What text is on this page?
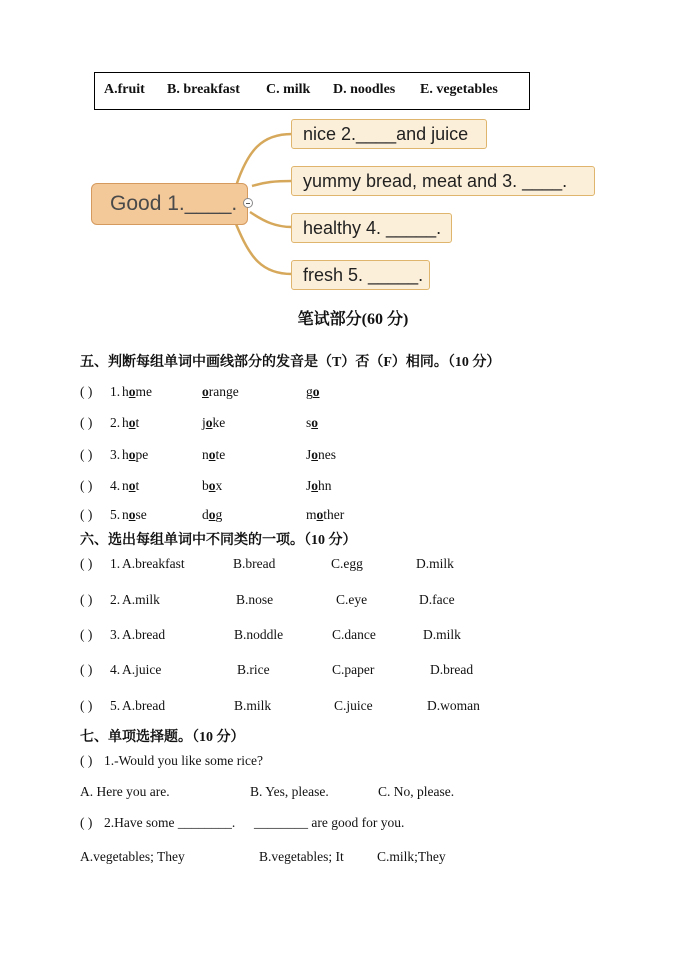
A.fruit B. breakfast C. milk D. noodles E. vegetables
Good 1.____.
nice 2.____and juice
yummy bread, meat and 3. ____.
healthy 4. _____.
fresh 5. _____.
笔试部分(60 分)
五、判断每组单词中画线部分的发音是（T）否（F）相同。（10 分）
( ) 1. home	orange	go
( ) 2. hot	joke	so
( ) 3. hope	note	Jones
( ) 4. not	box	John
( ) 5. nose	dog	mother
六、选出每组单词中不同类的一项。（10 分）
( ) 1. A.breakfast	B.bread	C.egg	D.milk
( ) 2. A.milk	B.nose	C.eye	D.face
( ) 3. A.bread	B.noddle	C.dance	D.milk
( ) 4. A.juice	B.rice	C.paper	D.bread
( ) 5. A.bread	B.milk	C.juice	D.woman
七、单项选择题。（10 分）
( ) 1.-Would you like some rice?
A. Here you are.	B. Yes, please.	C. No, please.
( ) 2.Have some ________. ________ are good for you.
A.vegetables; They	B.vegetables; It C.milk;They
